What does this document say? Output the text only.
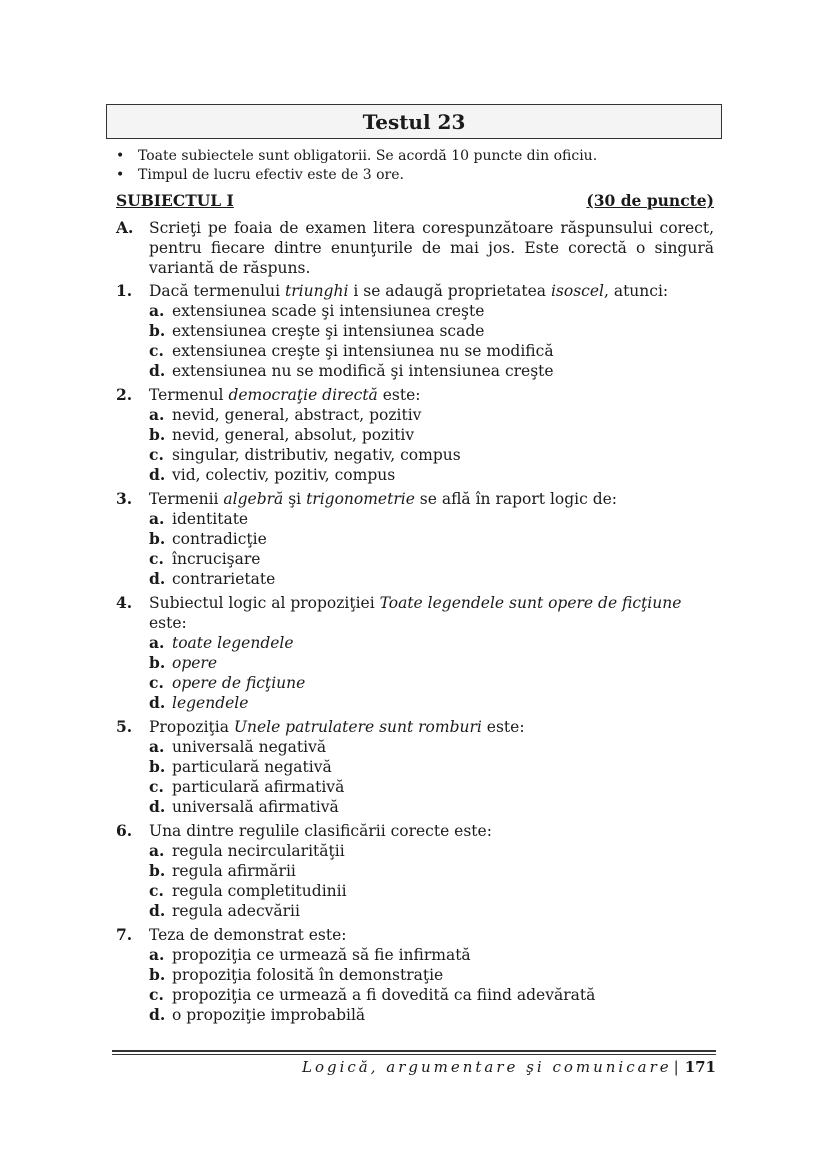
Testul 23
• Toate subiectele sunt obligatorii. Se acordă 10 puncte din oficiu.
• Timpul de lucru efectiv este de 3 ore.
SUBIECTUL I	(30 de puncte)
A.	Scrieţi pe foaia de examen litera corespunzătoare răspunsului corect, pentru fiecare dintre enunţurile de mai jos. Este corectă o singură variantă de răspuns.
1.	Dacă termenului triunghi i se adaugă proprietatea isoscel, atunci:
a. extensiunea scade şi intensiunea creşte
b. extensiunea creşte şi intensiunea scade
c. extensiunea creşte şi intensiunea nu se modifică
d. extensiunea nu se modifică şi intensiunea creşte
2.	Termenul democraţie directă este:
a. nevid, general, abstract, pozitiv
b. nevid, general, absolut, pozitiv
c. singular, distributiv, negativ, compus
d. vid, colectiv, pozitiv, compus
3.	Termenii algebră şi trigonometrie se află în raport logic de:
a. identitate
b. contradicţie
c. încrucişare
d. contrarietate
4.	Subiectul logic al propoziţiei Toate legendele sunt opere de ficţiune este:
a. toate legendele
b. opere
c. opere de ficţiune
d. legendele
5.	Propoziţia Unele patrulatere sunt romburi este:
a. universală negativă
b. particulară negativă
c. particulară afirmativă
d. universală afirmativă
6.	Una dintre regulile clasificării corecte este:
a. regula necircularităţii
b. regula afirmării
c. regula completitudinii
d. regula adecvării
7.	Teza de demonstrat este:
a. propoziţia ce urmează să fie infirmată
b. propoziţia folosită în demonstraţie
c. propoziţia ce urmează a fi dovedită ca fiind adevărată
d. o propoziţie improbabilă
Logică, argumentare şi comunicare | 171
